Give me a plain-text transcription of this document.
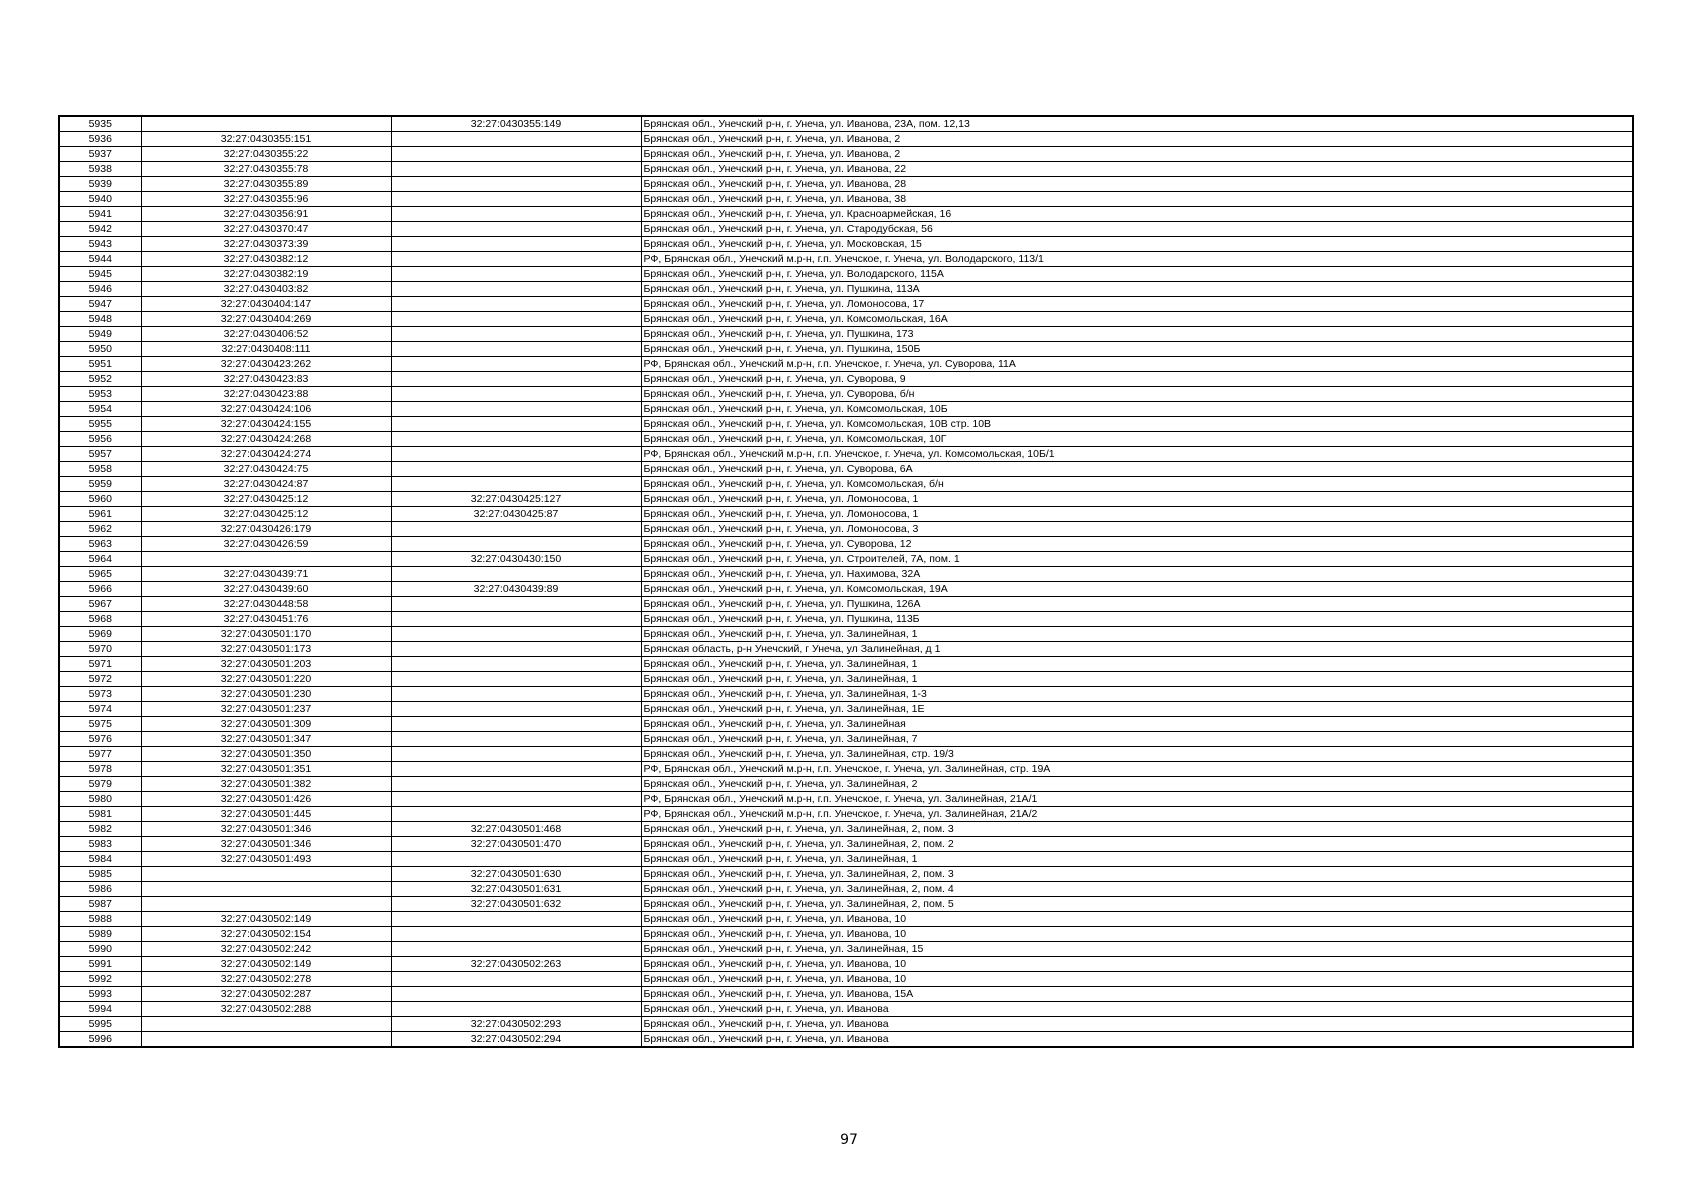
5935		32:27:0430355:149	Брянская обл., Унечский р-н, г. Унеча, ул. Иванова, 23А, пом. 12,13
5936	32:27:0430355:151		Брянская обл., Унечский р-н, г. Унеча, ул. Иванова, 2
5937	32:27:0430355:22		Брянская обл., Унечский р-н, г. Унеча, ул. Иванова, 2
5938	32:27:0430355:78		Брянская обл., Унечский р-н, г. Унеча, ул. Иванова, 22
5939	32:27:0430355:89		Брянская обл., Унечский р-н, г. Унеча, ул. Иванова, 28
5940	32:27:0430355:96		Брянская обл., Унечский р-н, г. Унеча, ул. Иванова, 38
5941	32:27:0430356:91		Брянская обл., Унечский р-н, г. Унеча, ул. Красноармейская, 16
5942	32:27:0430370:47		Брянская обл., Унечский р-н, г. Унеча, ул. Стародубская, 56
5943	32:27:0430373:39		Брянская обл., Унечский р-н, г. Унеча, ул. Московская, 15
5944	32:27:0430382:12		РФ, Брянская обл., Унечский м.р-н, г.п. Унечское, г. Унеча, ул. Володарского, 113/1
5945	32:27:0430382:19		Брянская обл., Унечский р-н, г. Унеча, ул. Володарского, 115А
5946	32:27:0430403:82		Брянская обл., Унечский р-н, г. Унеча, ул. Пушкина, 113А
5947	32:27:0430404:147		Брянская обл., Унечский р-н, г. Унеча, ул. Ломоносова, 17
5948	32:27:0430404:269		Брянская обл., Унечский р-н, г. Унеча, ул. Комсомольская, 16А
5949	32:27:0430406:52		Брянская обл., Унечский р-н, г. Унеча, ул. Пушкина, 173
5950	32:27:0430408:111		Брянская обл., Унечский р-н, г. Унеча, ул. Пушкина, 150Б
5951	32:27:0430423:262		РФ, Брянская обл., Унечский м.р-н, г.п. Унечское, г. Унеча, ул. Суворова, 11А
5952	32:27:0430423:83		Брянская обл., Унечский р-н, г. Унеча, ул. Суворова, 9
5953	32:27:0430423:88		Брянская обл., Унечский р-н, г. Унеча, ул. Суворова, б/н
5954	32:27:0430424:106		Брянская обл., Унечский р-н, г. Унеча, ул. Комсомольская, 10Б
5955	32:27:0430424:155		Брянская обл., Унечский р-н, г. Унеча, ул. Комсомольская, 10В стр. 10В
5956	32:27:0430424:268		Брянская обл., Унечский р-н, г. Унеча, ул. Комсомольская, 10Г
5957	32:27:0430424:274		РФ, Брянская обл., Унечский м.р-н, г.п. Унечское, г. Унеча, ул. Комсомольская, 10Б/1
5958	32:27:0430424:75		Брянская обл., Унечский р-н, г. Унеча, ул. Суворова, 6А
5959	32:27:0430424:87		Брянская обл., Унечский р-н, г. Унеча, ул. Комсомольская, б/н
5960	32:27:0430425:12	32:27:0430425:127	Брянская обл., Унечский р-н, г. Унеча, ул. Ломоносова, 1
5961	32:27:0430425:12	32:27:0430425:87	Брянская обл., Унечский р-н, г. Унеча, ул. Ломоносова, 1
5962	32:27:0430426:179		Брянская обл., Унечский р-н, г. Унеча, ул. Ломоносова, 3
5963	32:27:0430426:59		Брянская обл., Унечский р-н, г. Унеча, ул. Суворова, 12
5964		32:27:0430430:150	Брянская обл., Унечский р-н, г. Унеча, ул. Строителей, 7А, пом. 1
5965	32:27:0430439:71		Брянская обл., Унечский р-н, г. Унеча, ул. Нахимова, 32А
5966	32:27:0430439:60	32:27:0430439:89	Брянская обл., Унечский р-н, г. Унеча, ул. Комсомольская, 19А
5967	32:27:0430448:58		Брянская обл., Унечский р-н, г. Унеча, ул. Пушкина, 126А
5968	32:27:0430451:76		Брянская обл., Унечский р-н, г. Унеча, ул. Пушкина, 113Б
5969	32:27:0430501:170		Брянская обл., Унечский р-н, г. Унеча, ул. Залинейная, 1
5970	32:27:0430501:173		Брянская область, р-н Унечский, г Унеча, ул Залинейная, д 1
5971	32:27:0430501:203		Брянская обл., Унечский р-н, г. Унеча, ул. Залинейная, 1
5972	32:27:0430501:220		Брянская обл., Унечский р-н, г. Унеча, ул. Залинейная, 1
5973	32:27:0430501:230		Брянская обл., Унечский р-н, г. Унеча, ул. Залинейная, 1-3
5974	32:27:0430501:237		Брянская обл., Унечский р-н, г. Унеча, ул. Залинейная, 1Е
5975	32:27:0430501:309		Брянская обл., Унечский р-н, г. Унеча, ул. Залинейная
5976	32:27:0430501:347		Брянская обл., Унечский р-н, г. Унеча, ул. Залинейная, 7
5977	32:27:0430501:350		Брянская обл., Унечский р-н, г. Унеча, ул. Залинейная, стр. 19/3
5978	32:27:0430501:351		РФ, Брянская обл., Унечский м.р-н, г.п. Унечское, г. Унеча, ул. Залинейная, стр. 19А
5979	32:27:0430501:382		Брянская обл., Унечский р-н, г. Унеча, ул. Залинейная, 2
5980	32:27:0430501:426		РФ, Брянская обл., Унечский м.р-н, г.п. Унечское, г. Унеча, ул. Залинейная, 21А/1
5981	32:27:0430501:445		РФ, Брянская обл., Унечский м.р-н, г.п. Унечское, г. Унеча, ул. Залинейная, 21А/2
5982	32:27:0430501:346	32:27:0430501:468	Брянская обл., Унечский р-н, г. Унеча, ул. Залинейная, 2, пом. 3
5983	32:27:0430501:346	32:27:0430501:470	Брянская обл., Унечский р-н, г. Унеча, ул. Залинейная, 2, пом. 2
5984	32:27:0430501:493		Брянская обл., Унечский р-н, г. Унеча, ул. Залинейная, 1
5985		32:27:0430501:630	Брянская обл., Унечский р-н, г. Унеча, ул. Залинейная, 2, пом. 3
5986		32:27:0430501:631	Брянская обл., Унечский р-н, г. Унеча, ул. Залинейная, 2, пом. 4
5987		32:27:0430501:632	Брянская обл., Унечский р-н, г. Унеча, ул. Залинейная, 2, пом. 5
5988	32:27:0430502:149		Брянская обл., Унечский р-н, г. Унеча, ул. Иванова, 10
5989	32:27:0430502:154		Брянская обл., Унечский р-н, г. Унеча, ул. Иванова, 10
5990	32:27:0430502:242		Брянская обл., Унечский р-н, г. Унеча, ул. Залинейная, 15
5991	32:27:0430502:149	32:27:0430502:263	Брянская обл., Унечский р-н, г. Унеча, ул. Иванова, 10
5992	32:27:0430502:278		Брянская обл., Унечский р-н, г. Унеча, ул. Иванова, 10
5993	32:27:0430502:287		Брянская обл., Унечский р-н, г. Унеча, ул. Иванова, 15А
5994	32:27:0430502:288		Брянская обл., Унечский р-н, г. Унеча, ул. Иванова
5995		32:27:0430502:293	Брянская обл., Унечский р-н, г. Унеча, ул. Иванова
5996		32:27:0430502:294	Брянская обл., Унечский р-н, г. Унеча, ул. Иванова
97
